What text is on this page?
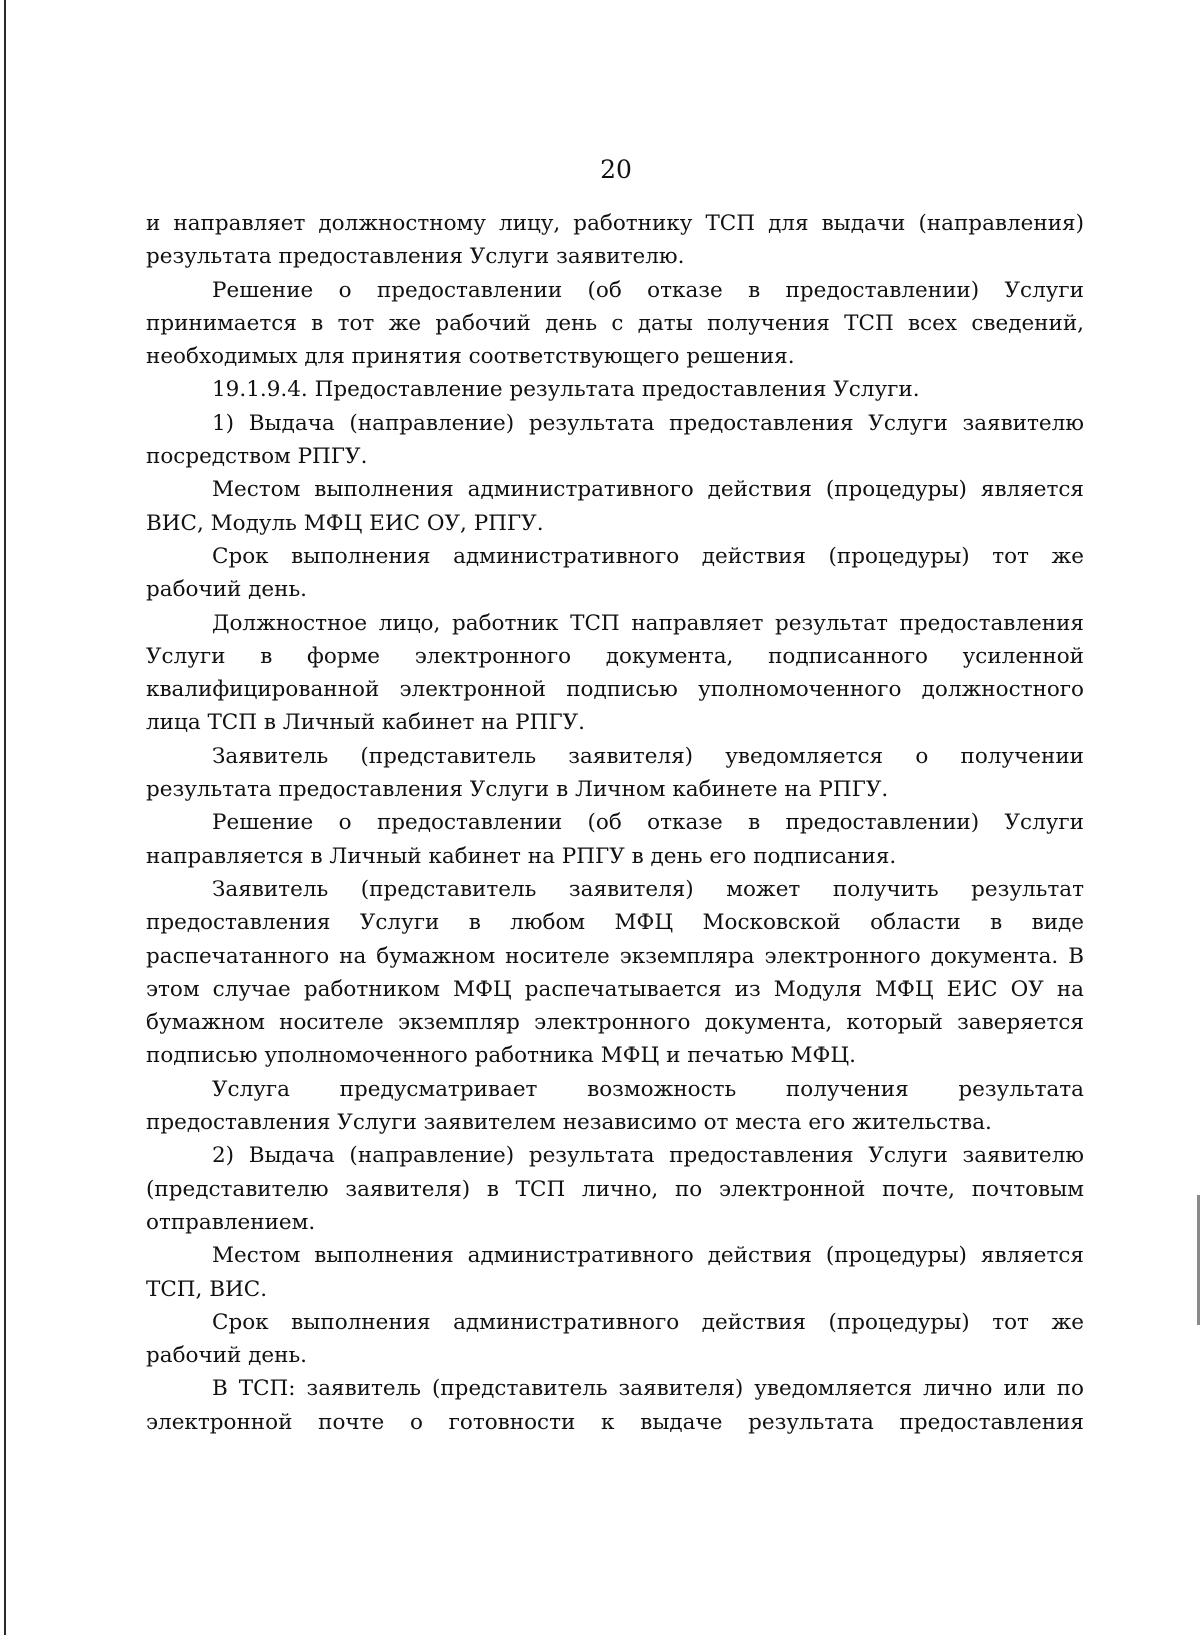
20

и направляет должностному лицу, работнику ТСП для выдачи (направления) результата предоставления Услуги заявителю.

Решение о предоставлении (об отказе в предоставлении) Услуги принимается в тот же рабочий день с даты получения ТСП всех сведений, необходимых для принятия соответствующего решения.

19.1.9.4. Предоставление результата предоставления Услуги.

1) Выдача (направление) результата предоставления Услуги заявителю посредством РПГУ.

Местом выполнения административного действия (процедуры) является ВИС, Модуль МФЦ ЕИС ОУ, РПГУ.

Срок выполнения административного действия (процедуры) тот же рабочий день.

Должностное лицо, работник ТСП направляет результат предоставления Услуги в форме электронного документа, подписанного усиленной квалифицированной электронной подписью уполномоченного должностного лица ТСП в Личный кабинет на РПГУ.

Заявитель (представитель заявителя) уведомляется о получении результата предоставления Услуги в Личном кабинете на РПГУ.

Решение о предоставлении (об отказе в предоставлении) Услуги направляется в Личный кабинет на РПГУ в день его подписания.

Заявитель (представитель заявителя) может получить результат предоставления Услуги в любом МФЦ Московской области в виде распечатанного на бумажном носителе экземпляра электронного документа. В этом случае работником МФЦ распечатывается из Модуля МФЦ ЕИС ОУ на бумажном носителе экземпляр электронного документа, который заверяется подписью уполномоченного работника МФЦ и печатью МФЦ.

Услуга предусматривает возможность получения результата предоставления Услуги заявителем независимо от места его жительства.

2) Выдача (направление) результата предоставления Услуги заявителю (представителю заявителя) в ТСП лично, по электронной почте, почтовым отправлением.

Местом выполнения административного действия (процедуры) является ТСП, ВИС.

Срок выполнения административного действия (процедуры) тот же рабочий день.

В ТСП: заявитель (представитель заявителя) уведомляется лично или по электронной почте о готовности к выдаче результата предоставления
